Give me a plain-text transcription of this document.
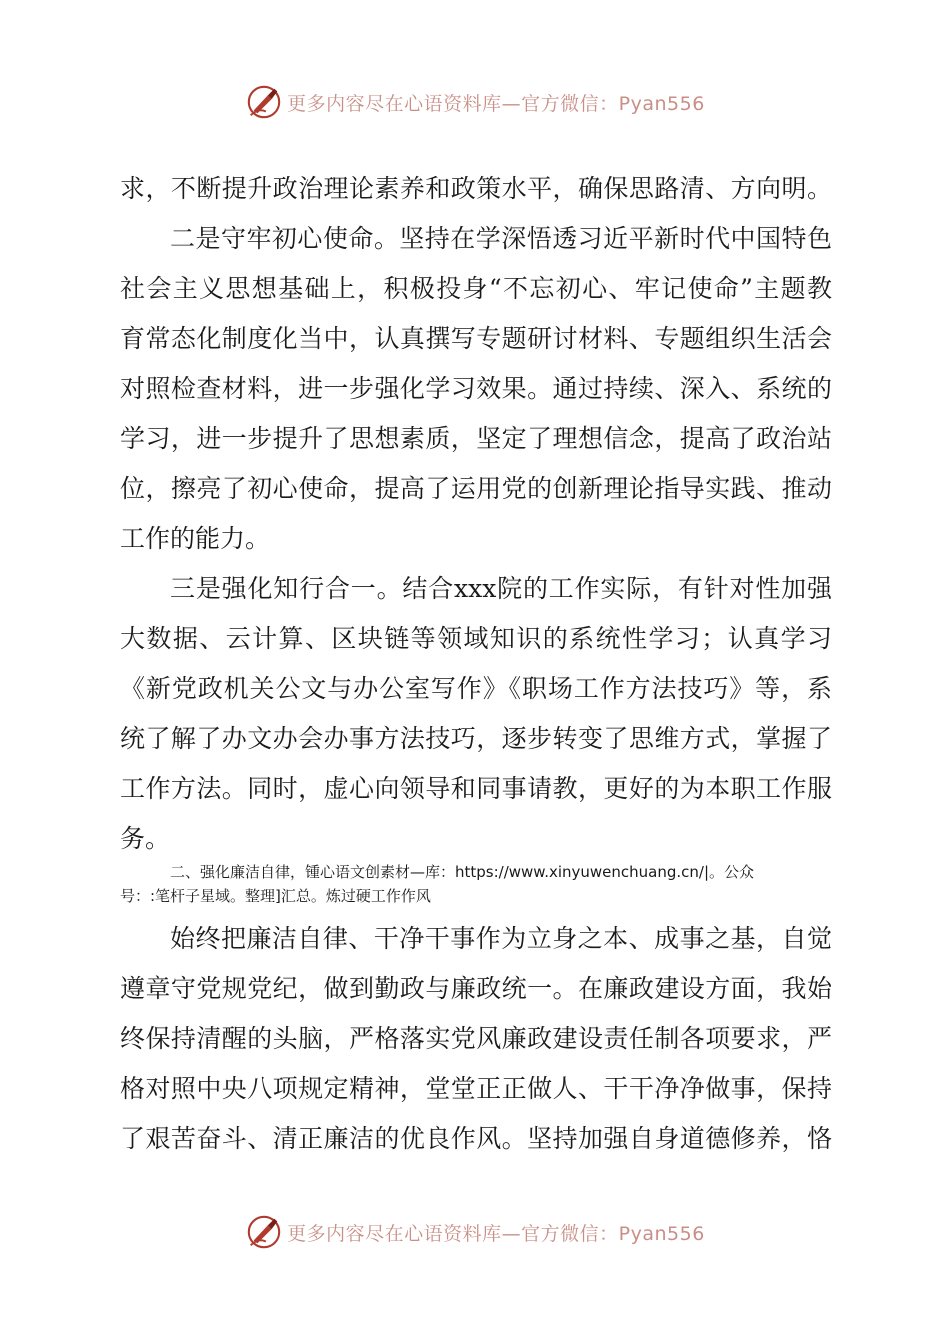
更多内容尽在心语资料库—官方微信：Pyan556
求，不断提升政治理论素养和政策水平，确保思路清、方向明。
二是守牢初心使命。坚持在学深悟透习近平新时代中国特色
社会主义思想基础上，积极投身“不忘初心、牢记使命”主题教
育常态化制度化当中，认真撰写专题研讨材料、专题组织生活会
对照检查材料，进一步强化学习效果。通过持续、深入、系统的
学习，进一步提升了思想素质，坚定了理想信念，提高了政治站
位，擦亮了初心使命，提高了运用党的创新理论指导实践、推动
工作的能力。
三是强化知行合一。结合xxx院的工作实际，有针对性加强
大数据、云计算、区块链等领域知识的系统性学习；认真学习
《新党政机关公文与办公室写作》《职场工作方法技巧》等，系
统了解了办文办会办事方法技巧，逐步转变了思维方式，掌握了
工作方法。同时，虚心向领导和同事请教，更好的为本职工作服
务。
二、强化廉洁自律，锺心语文创素材—库：https://www.xinyuwenchuang.cn/|。公众
号：:笔杆子星域。整理]汇总。炼过硬工作作风
始终把廉洁自律、干净干事作为立身之本、成事之基，自觉
遵章守党规党纪，做到勤政与廉政统一。在廉政建设方面，我始
终保持清醒的头脑，严格落实党风廉政建设责任制各项要求，严
格对照中央八项规定精神，堂堂正正做人、干干净净做事，保持
了艰苦奋斗、清正廉洁的优良作风。坚持加强自身道德修养，恪
更多内容尽在心语资料库—官方微信：Pyan556
